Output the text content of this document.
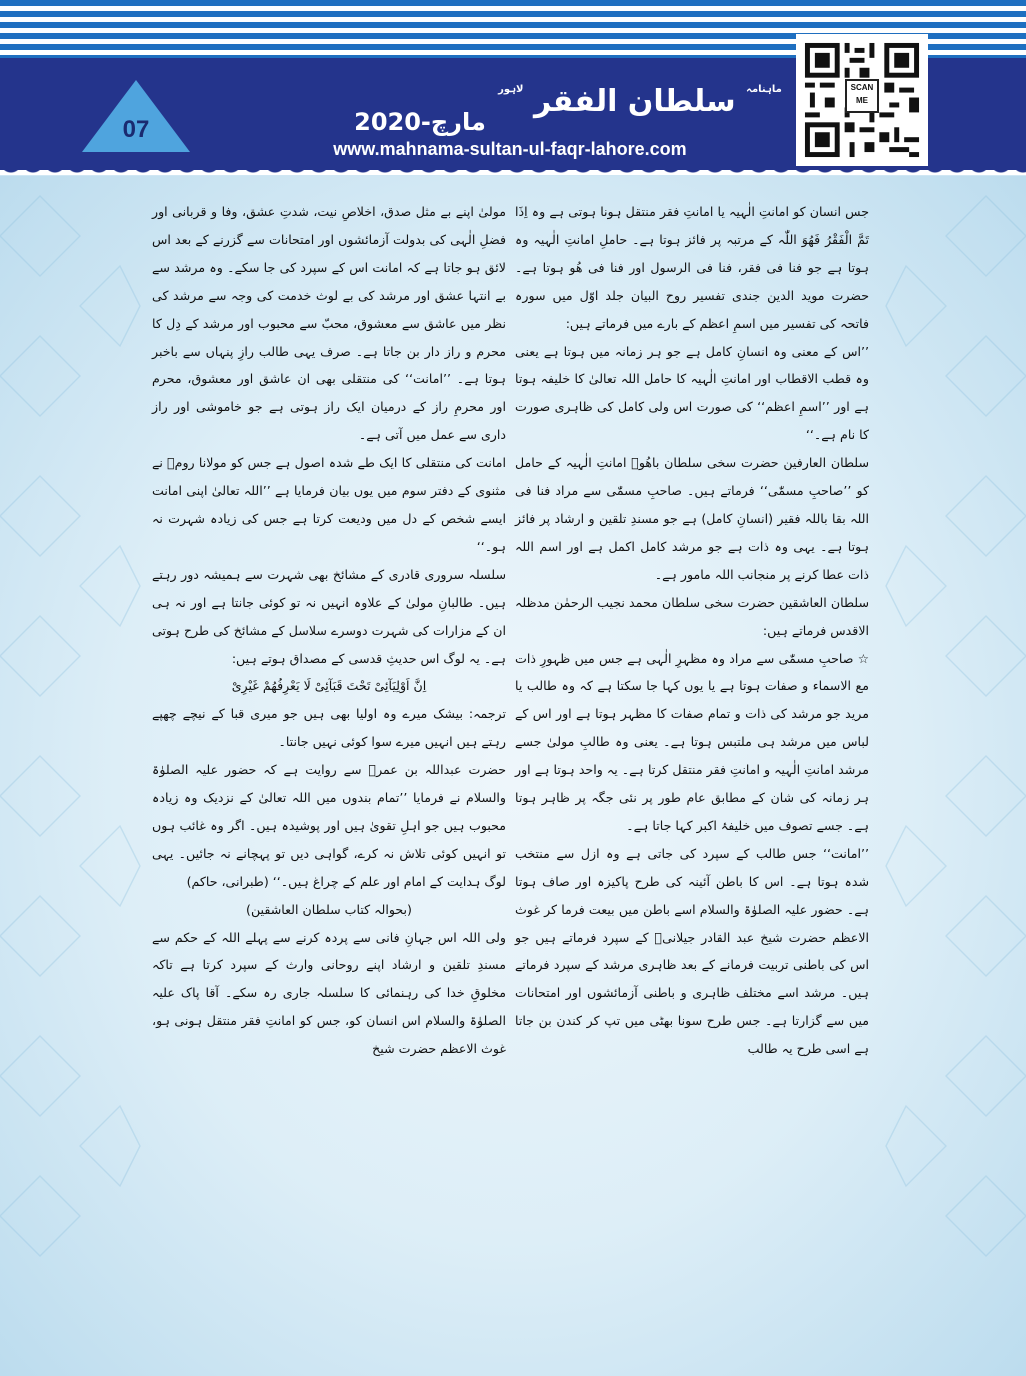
07
$^{ماہنامہ}$ سلطان الفقر $^{لاہور}$
مارچ-2020
www.mahnama-sultan-ul-faqr-lahore.com
SCAN ME

جس انسان کو امانتِ الٰہیہ یا امانتِ فقر منتقل ہونا ہوتی ہے وہ اِذَا تَمَّ الْفَقْرُ فَھُوَ اللّٰہ کے مرتبہ پر فائز ہوتا ہے۔ حاملِ امانتِ الٰہیہ وہ ہوتا ہے جو فنا فی فقر، فنا فی الرسول اور فنا فی ھُو ہوتا ہے۔ حضرت موید الدین جندی تفسیر روح البیان جلد اوّل میں سورہ فاتحہ کی تفسیر میں اسمِ اعظم کے بارے میں فرماتے ہیں:

’’اس کے معنی وہ انسانِ کامل ہے جو ہر زمانہ میں ہوتا ہے یعنی وہ قطب الاقطاب اور امانتِ الٰہیہ کا حامل اللہ تعالیٰ کا خلیفہ ہوتا ہے اور ’’اسمِ اعظم‘‘ کی صورت اس ولی کامل کی ظاہری صورت کا نام ہے۔‘‘

سلطان العارفین حضرت سخی سلطان باھُوؒ امانتِ الٰہیہ کے حامل کو ’’صاحبِ مسمّٰی‘‘ فرماتے ہیں۔ صاحبِ مسمّٰی سے مراد فنا فی اللہ بقا باللہ فقیر (انسانِ کامل) ہے جو مسندِ تلقین و ارشاد پر فائز ہوتا ہے۔ یہی وہ ذات ہے جو مرشد کامل اکمل ہے اور اسم اللہ ذات عطا کرنے پر منجانب اللہ مامور ہے۔

سلطان العاشقین حضرت سخی سلطان محمد نجیب الرحمٰن مدظلہ الاقدس فرماتے ہیں:

☆ صاحبِ مسمّٰی سے مراد وہ مظہرِ الٰہی ہے جس میں ظہورِ ذات مع الاسماء و صفات ہوتا ہے یا یوں کہا جا سکتا ہے کہ وہ طالب یا مرید جو مرشد کی ذات و تمام صفات کا مظہر ہوتا ہے اور اس کے لباس میں مرشد ہی ملتبس ہوتا ہے۔ یعنی وہ طالبِ مولیٰ جسے مرشد امانتِ الٰہیہ و امانتِ فقر منتقل کرتا ہے۔ یہ واحد ہوتا ہے اور ہر زمانہ کی شان کے مطابق عام طور پر نئی جگہ پر ظاہر ہوتا ہے۔ جسے تصوف میں خلیفۂ اکبر کہا جاتا ہے۔

’’امانت‘‘ جس طالب کے سپرد کی جاتی ہے وہ ازل سے منتخب شدہ ہوتا ہے۔ اس کا باطن آئینہ کی طرح پاکیزہ اور صاف ہوتا ہے۔ حضور علیہ الصلوٰۃ والسلام اسے باطن میں بیعت فرما کر غوث الاعظم حضرت شیخ عبد القادر جیلانیؓ کے سپرد فرماتے ہیں جو اس کی باطنی تربیت فرمانے کے بعد ظاہری مرشد کے سپرد فرماتے ہیں۔ مرشد اسے مختلف ظاہری و باطنی آزمائشوں اور امتحانات میں سے گزارتا ہے۔ جس طرح سونا بھٹی میں تپ کر کندن بن جاتا ہے اسی طرح یہ طالب

مولیٰ اپنے بے مثل صدق، اخلاصِ نیت، شدتِ عشق، وفا و قربانی اور فضلِ الٰہی کی بدولت آزمائشوں اور امتحانات سے گزرنے کے بعد اس لائق ہو جاتا ہے کہ امانت اس کے سپرد کی جا سکے۔ وہ مرشد سے بے انتہا عشق اور مرشد کی بے لوث خدمت کی وجہ سے مرشد کی نظر میں عاشق سے معشوق، محبّ سے محبوب اور مرشد کے دِل کا محرم و راز دار بن جاتا ہے۔ صرف یہی طالب رازِ پنہاں سے باخبر ہوتا ہے۔ ’’امانت‘‘ کی منتقلی بھی ان عاشق اور معشوق، محرم اور محرمِ راز کے درمیان ایک راز ہوتی ہے جو خاموشی اور راز داری سے عمل میں آتی ہے۔

امانت کی منتقلی کا ایک طے شدہ اصول ہے جس کو مولانا رومؒ نے مثنوی کے دفتر سوم میں یوں بیان فرمایا ہے ’’اللہ تعالیٰ اپنی امانت ایسے شخص کے دل میں ودیعت کرتا ہے جس کی زیادہ شہرت نہ ہو۔‘‘

سلسلہ سروری قادری کے مشائخ بھی شہرت سے ہمیشہ دور رہتے ہیں۔ طالبانِ مولیٰ کے علاوہ انہیں نہ تو کوئی جانتا ہے اور نہ ہی ان کے مزارات کی شہرت دوسرے سلاسل کے مشائخ کی طرح ہوتی ہے۔ یہ لوگ اس حدیثِ قدسی کے مصداق ہوتے ہیں:

اِنَّ اَوْلِیَآئِیْ تَحْتَ قَبَآئِیْ لَا یَعْرِفُھُمْ غَیْرِیْ

ترجمہ: بیشک میرے وہ اولیا بھی ہیں جو میری قبا کے نیچے چھپے رہتے ہیں انہیں میرے سوا کوئی نہیں جانتا۔

حضرت عبداللہ بن عمرؓ سے روایت ہے کہ حضور علیہ الصلوٰۃ والسلام نے فرمایا ’’تمام بندوں میں اللہ تعالیٰ کے نزدیک وہ زیادہ محبوب ہیں جو اہلِ تقویٰ ہیں اور پوشیدہ ہیں۔ اگر وہ غائب ہوں تو انہیں کوئی تلاش نہ کرے، گواہی دیں تو پہچانے نہ جائیں۔ یہی لوگ ہدایت کے امام اور علم کے چراغ ہیں۔‘‘ (طبرانی، حاکم)

(بحوالہ کتاب سلطان العاشقین)

ولی اللہ اس جہانِ فانی سے پردہ کرنے سے پہلے اللہ کے حکم سے مسندِ تلقین و ارشاد اپنے روحانی وارث کے سپرد کرتا ہے تاکہ مخلوقِ خدا کی رہنمائی کا سلسلہ جاری رہ سکے۔ آقا پاک علیہ الصلوٰۃ والسلام اس انسان کو، جس کو امانتِ فقر منتقل ہونی ہو، غوث الاعظم حضرت شیخ
